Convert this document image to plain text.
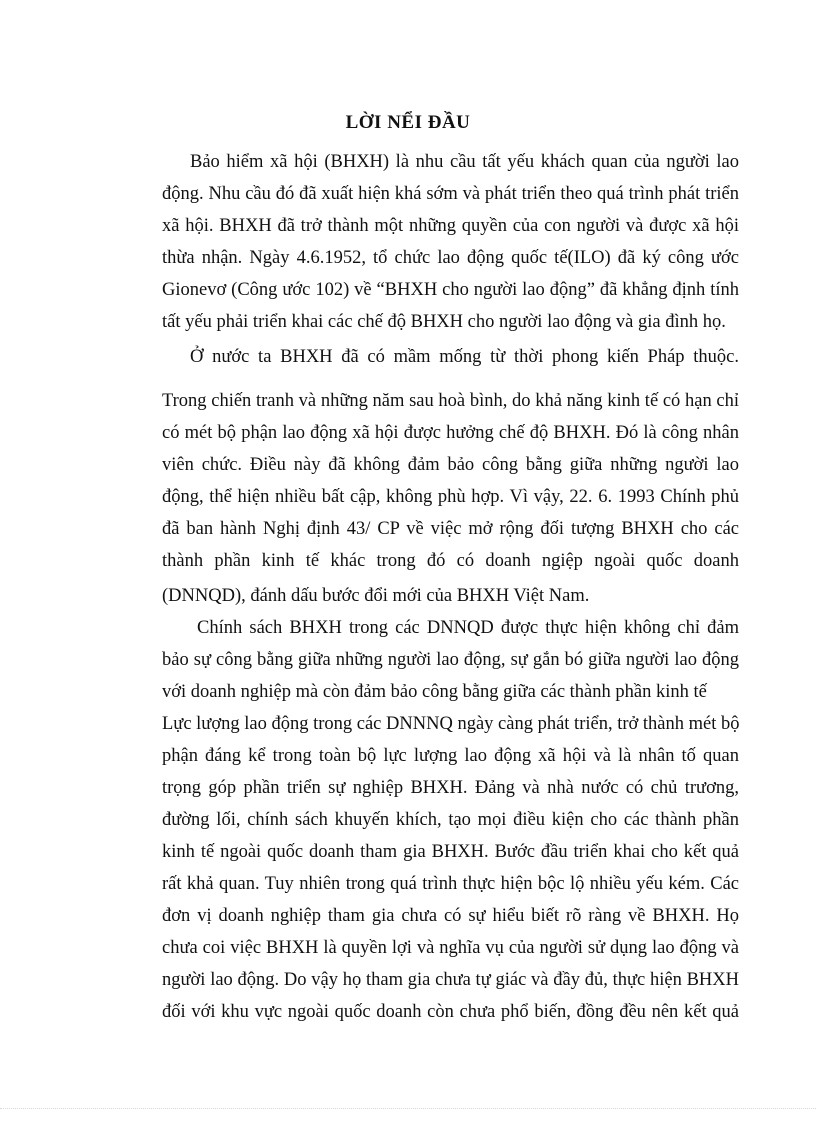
LỜI NỂI ĐẦU
Bảo hiểm xã hội (BHXH) là nhu cầu tất yếu khách quan của người lao
động. Nhu cầu đó đã xuất hiện khá sớm và phát triển theo quá trình phát triển
xã hội. BHXH đã trở thành một những quyền của con người và được xã hội
thừa nhận. Ngày 4.6.1952, tổ chức lao động quốc tế(ILO) đã ký công ước
Gionevơ (Công ước 102) về “BHXH cho người lao động” đã khẳng định tính
tất yếu phải triển khai các chế độ BHXH cho người lao động và gia đình họ.
Ở nước ta BHXH đã có mầm mống từ thời phong kiến Pháp thuộc.
Trong chiến tranh và những năm sau hoà bình, do khả năng kinh tế có hạn chỉ
có mét bộ phận lao động xã hội được hưởng chế độ BHXH. Đó là công nhân
viên chức. Điều này đã không đảm bảo công bằng giữa những người lao
động, thể hiện nhiều bất cập, không phù hợp. Vì vậy, 22. 6. 1993 Chính phủ
đã ban hành Nghị định 43/ CP về việc mở rộng đối tượng BHXH cho các
thành phần kinh tế khác trong đó có doanh ngiệp ngoài quốc doanh
(DNNQD), đánh dấu bước đổi mới của BHXH Việt Nam.
Chính sách BHXH trong các DNNQD được thực hiện không chỉ đảm
bảo sự công bằng giữa những người lao động, sự gắn bó giữa người lao động
với doanh nghiệp mà còn đảm bảo công bằng giữa các thành phần kinh tế
Lực lượng lao động trong các DNNNQ ngày càng phát triển, trở thành mét bộ
phận đáng kể trong toàn bộ lực lượng lao động xã hội và là nhân tố quan
trọng góp phần triển sự nghiệp BHXH. Đảng và nhà nước có chủ trương,
đường lối, chính sách khuyến khích, tạo mọi điều kiện cho các thành phần
kinh tế ngoài quốc doanh tham gia BHXH. Bước đầu triển khai cho kết quả
rất khả quan. Tuy nhiên trong quá trình thực hiện bộc lộ nhiều yếu kém. Các
đơn vị doanh nghiệp tham gia chưa có sự hiểu biết rõ ràng về BHXH. Họ
chưa coi việc BHXH là quyền lợi và nghĩa vụ của người sử dụng lao động và
người lao động. Do vậy họ tham gia chưa tự giác và đầy đủ, thực hiện BHXH
đối với khu vực ngoài quốc doanh còn chưa phổ biến, đồng đều nên kết quả
